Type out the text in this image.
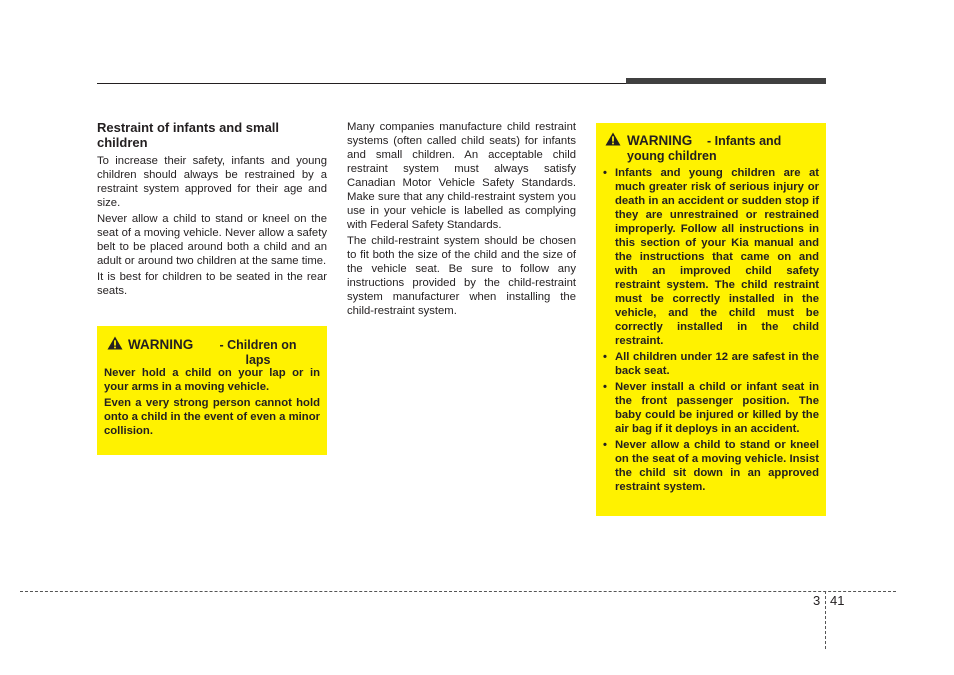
Restraint of infants and small children

To increase their safety, infants and young children should always be restrained by a restraint system approved for their age and size.

Never allow a child to stand or kneel on the seat of a moving vehicle. Never allow a safety belt to be placed around both a child and an adult or around two children at the same time.

It is best for children to be seated in the rear seats.

WARNING	- Children on laps

Never hold a child on your lap or in your arms in a moving vehicle.

Even a very strong person cannot hold onto a child in the event of even a minor collision.

Many companies manufacture child restraint systems (often called child seats) for infants and small children. An acceptable child restraint system must always satisfy Canadian Motor Vehicle Safety Standards. Make sure that any child-restraint system you use in your vehicle is labelled as complying with Federal Safety Standards.

The child-restraint system should be chosen to fit both the size of the child and the size of the vehicle seat. Be sure to follow any instructions provided by the child-restraint system manufacturer when installing the child-restraint system.

WARNING	- Infants and young children
• Infants and young children are at much greater risk of serious injury or death in an accident or sudden stop if they are unrestrained or restrained improperly. Follow all instructions in this section of your Kia manual and the instructions that came on and with an improved child safety restraint system. The child restraint must be correctly installed in the vehicle, and the child must be correctly installed in the child restraint.
• All children under 12 are safest in the back seat.
• Never install a child or infant seat in the front passenger position. The baby could be injured or killed by the air bag if it deploys in an accident.
• Never allow a child to stand or kneel on the seat of a moving vehicle. Insist the child sit down in an approved restraint system.
3 41
